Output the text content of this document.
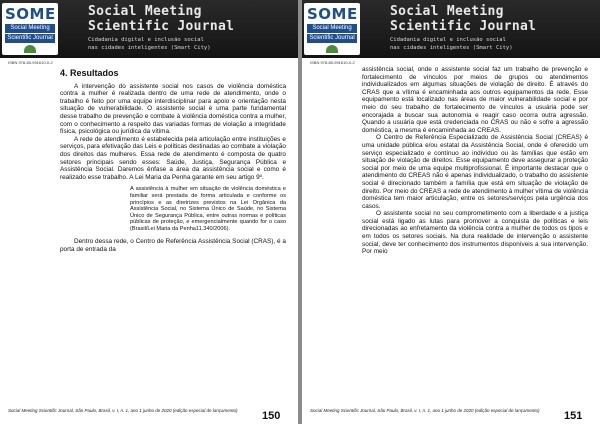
SOME
Social Meeting
Scientific Journal
Social Meeting
Scientific Journal
Cidadania digital e inclusão social
nas cidades inteligentes (Smart City)
ISBN 978-65-991610-0-2
4. Resultados

A intervenção do assistente social nos casos de violência doméstica contra a mulher é realizada dentro de uma rede de atendimento, onde o trabalho é feito por uma equipe interdisciplinar para apoio e orientação nesta situação de vulnerabilidade. O assistente social é uma parte fundamental desse trabalho de prevenção e combate à violência doméstica contra a mulher, com o conhecimento a respeito das variadas formas de violação a integridade física, psicológica ou jurídica da vítima.

A rede de atendimento é estabelecida pela articulação entre instituições e serviços, para efetivação das Leis e políticas destinadas ao combate a violação dos direitos das mulheres. Essa rede de atendimento é composta de quatro setores principais sendo esses: Saúde, Justiça, Segurança Pública e Assistência Social. Daremos ênfase a área da assistência social e como é realizado esse trabalho. A Lei Maria da Penha garante em seu artigo 9º.

A assistência à mulher em situação de violência doméstica e familiar será prestada de forma articulada e conforme os princípios e as diretrizes previstos na Lei Orgânica da Assistência Social, no Sistema Único de Saúde, no Sistema Único de Segurança Pública, entre outras normas e políticas públicas de proteção, e emergencialmente quando for o caso (Brasil/Lei Maria da Penha11.340/2006).

Dentro dessa rede, o Centro de Referência Assistência Social (CRAS), é a porta de entrada da

Social Meeting Scientific Journal, São Paulo, Brasil, v. I, n. 1, ano 1 junho de 2020 (edição especial de lançamento) 150
SOME
Social Meeting
Scientific Journal
Social Meeting
Scientific Journal
Cidadania digital e inclusão social
nas cidades inteligentes (Smart City)
ISBN 978-65-991610-0-2

assistência social, onde o assistente social faz um trabalho de prevenção e fortalecimento de vínculos por meios de grupos ou atendimentos individualizados em algumas situações de violação de direito. É através do CRAS que a vítima é encaminhada aos outros equipamentos da rede. Esse equipamento está localizado nas áreas de maior vulnerabilidade social e por meio do seu trabalho de fortalecimento de vínculos a usuária pode ser encorajada a buscar sua autonomia e reagir caso ocorra outra agressão. Quando a usuária que está credenciada no CRAS ou não e sofre a agressão doméstica, a mesma é encaminhada ao CREAS.

O Centro de Referência Especializado de Assistência Social (CREAS) é uma unidade pública e/ou estatal da Assistência Social, onde é oferecido um serviço especializado e contínuo ao indivíduo ou às famílias que estão em situação de violação de direitos. Esse equipamento deve assegurar a proteção social por meio de uma equipe multiprofissional. É importante destacar que o atendimento do CREAS não é apenas individualizado, o trabalho do assistente social é direcionado também a família que está em situação de violação de direito. Por meio do CREAS a rede de atendimento à mulher vítima de violência doméstica tem maior articulação, entre os setores/serviços pela urgência dos casos.

O assistente social no seu comprometimento com a liberdade e a justiça social está ligado as lutas para promover a conquista de políticas e leis direcionadas ao enfretamento da violência contra a mulher de todos os tipos e em todos os setores sociais. Na dura realidade de intervenção o assistente social, deve ter conhecimento dos instrumentos disponíveis a sua intervenção. Por meio

Social Meeting Scientific Journal, São Paulo, Brasil, v. I, n. 1, ano 1 junho de 2020 (edição especial de lançamento) 151
